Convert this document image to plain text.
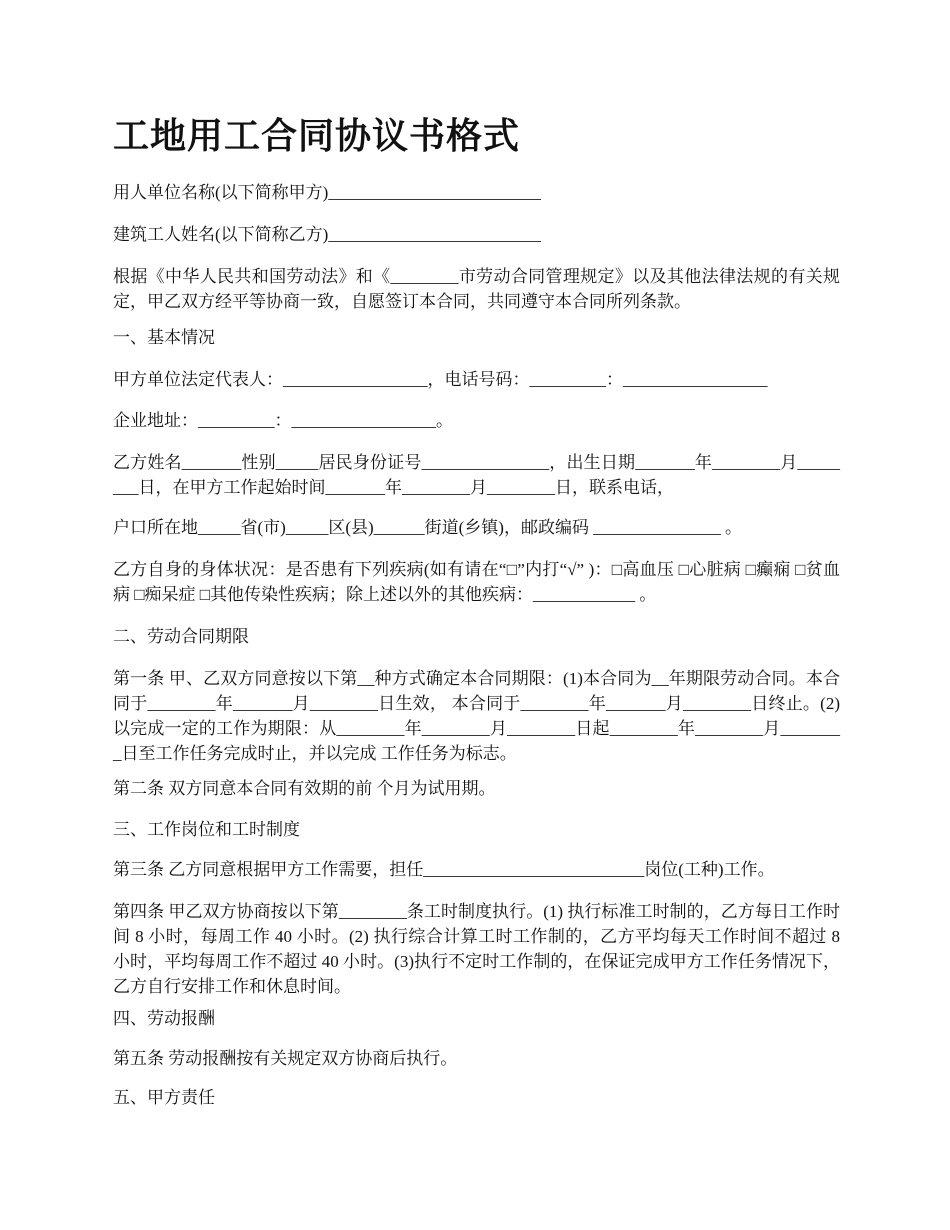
工地用工合同协议书格式

用人单位名称(以下简称甲方)_________________________

建筑工人姓名(以下简称乙方)_________________________

根据《中华人民共和国劳动法》和《________市劳动合同管理规定》以及其他法律法规的有关规定，甲乙双方经平等协商一致，自愿签订本合同，共同遵守本合同所列条款。

一、基本情况

甲方单位法定代表人：_________________，电话号码：_________：_________________

企业地址：_________：_________________。

乙方姓名_______性别_____居民身份证号_______________，出生日期_______年________月________日，在甲方工作起始时间_______年________月________日，联系电话，

户口所在地_____省(市)_____区(县)______街道(乡镇)，邮政编码 _______________ 。

乙方自身的身体状况：是否患有下列疾病(如有请在“□”内打“√” )：□高血压 □心脏病 □癫痫 □贫血病 □痴呆症 □其他传染性疾病；除上述以外的其他疾病：____________ 。

二、劳动合同期限

第一条 甲、乙双方同意按以下第__种方式确定本合同期限：(1)本合同为__年期限劳动合同。本合同于________年_______月________日生效， 本合同于________年_______月________日终止。(2)以完成一定的工作为期限：从________年________月________日起________年________月________日至工作任务完成时止，并以完成 工作任务为标志。

第二条 双方同意本合同有效期的前 个月为试用期。

三、工作岗位和工时制度

第三条 乙方同意根据甲方工作需要，担任__________________________岗位(工种)工作。

第四条 甲乙双方协商按以下第________条工时制度执行。(1) 执行标准工时制的，乙方每日工作时间 8 小时，每周工作 40 小时。(2) 执行综合计算工时工作制的，乙方平均每天工作时间不超过 8 小时，平均每周工作不超过 40 小时。(3)执行不定时工作制的，在保证完成甲方工作任务情况下，乙方自行安排工作和休息时间。

四、劳动报酬

第五条 劳动报酬按有关规定双方协商后执行。

五、甲方责任
